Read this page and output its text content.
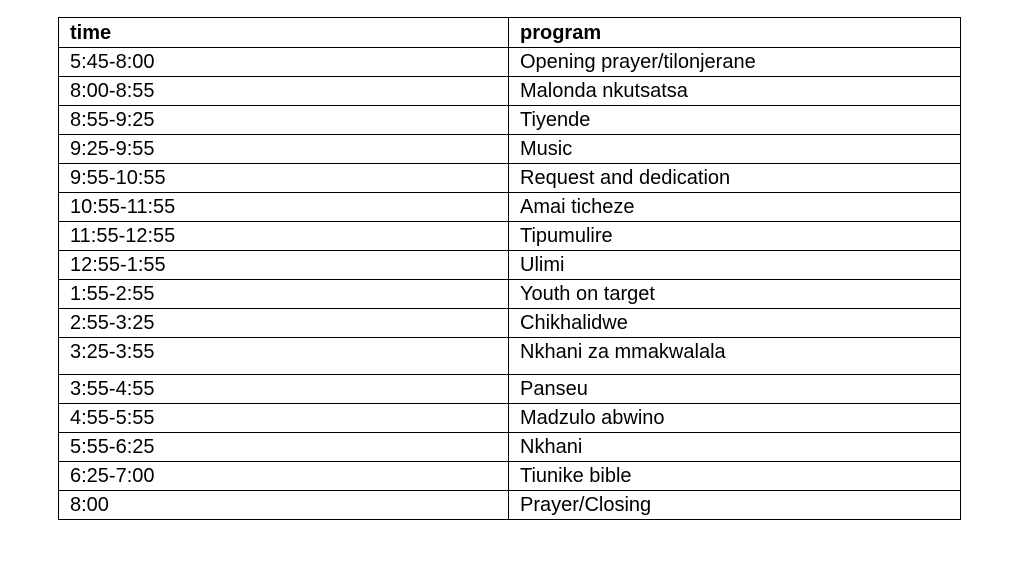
time	program
5:45-8:00	Opening prayer/tilonjerane
8:00-8:55	Malonda nkutsatsa
8:55-9:25	Tiyende
9:25-9:55	Music
9:55-10:55	Request and dedication
10:55-11:55	Amai ticheze
11:55-12:55	Tipumulire
12:55-1:55	Ulimi
1:55-2:55	Youth on target
2:55-3:25	Chikhalidwe
3:25-3:55	Nkhani za mmakwalala
3:55-4:55	Panseu
4:55-5:55	Madzulo abwino
5:55-6:25	Nkhani
6:25-7:00	Tiunike bible
8:00	Prayer/Closing
